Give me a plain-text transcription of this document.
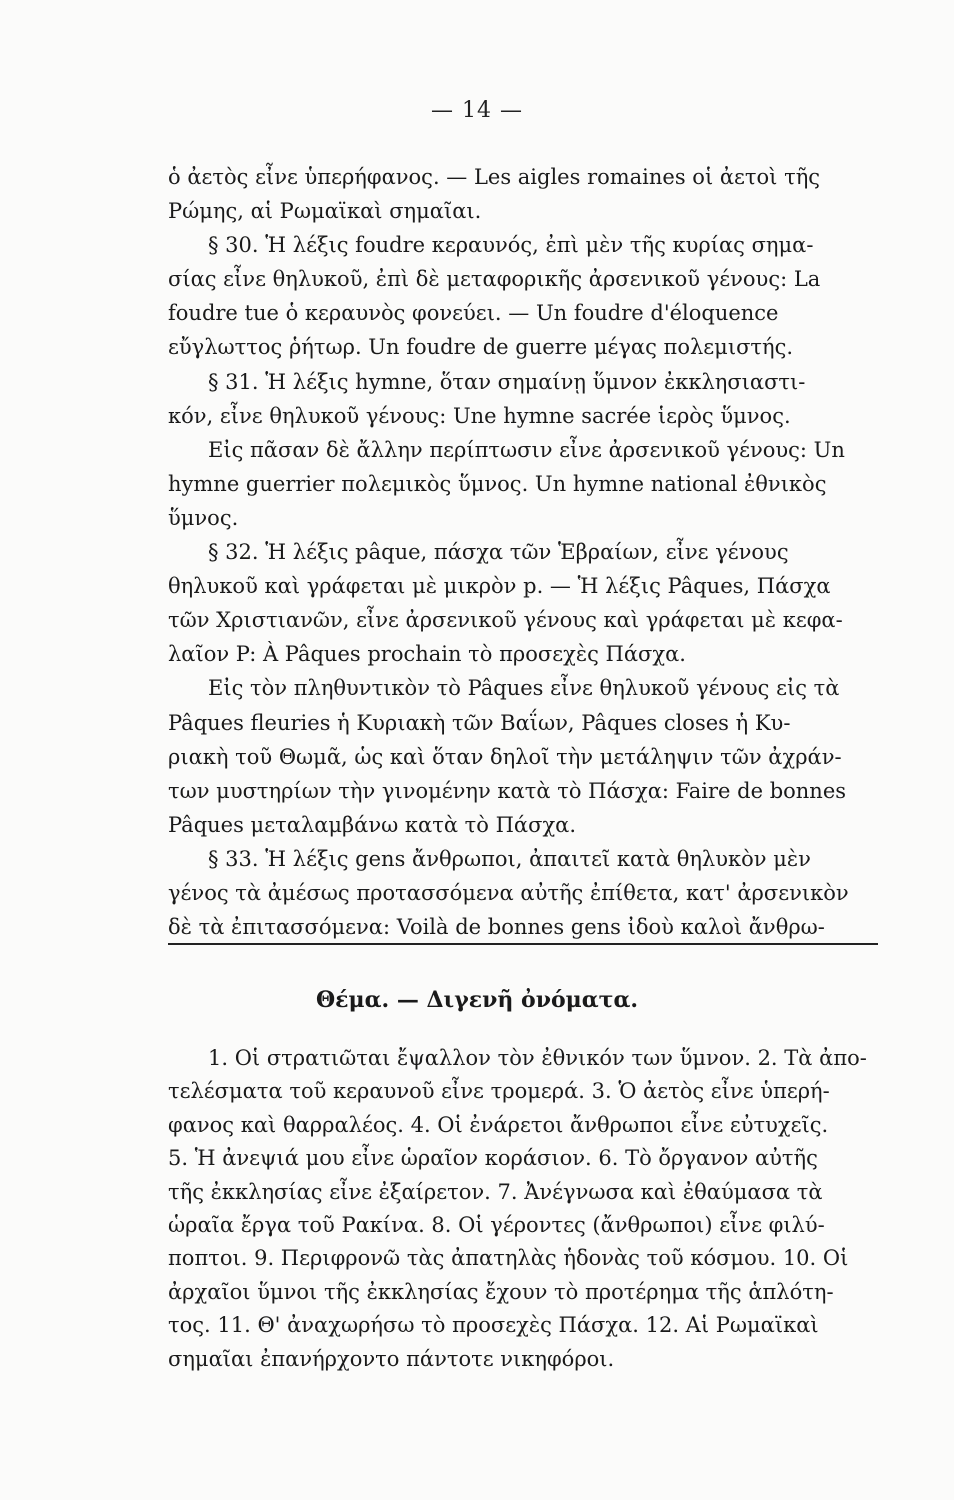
— 14 —
ὁ ἀετὸς εἶνε ὑπερήφανος. — Les aigles romaines οἱ ἀετοὶ τῆς
Ρώμης, αἱ Ρωμαϊκαὶ σημαῖαι.
§ 30. Ἡ λέξις foudre κεραυνός, ἐπὶ μὲν τῆς κυρίας σημα-
σίας εἶνε θηλυκοῦ, ἐπὶ δὲ μεταφορικῆς ἀρσενικοῦ γένους: La
foudre tue ὁ κεραυνὸς φονεύει. — Un foudre d'éloquence
εὔγλωττος ῥήτωρ. Un foudre de guerre μέγας πολεμιστής.
§ 31. Ἡ λέξις hymne, ὅταν σημαίνῃ ὕμνον ἐκκλησιαστι-
κόν, εἶνε θηλυκοῦ γένους: Une hymne sacrée ἱερὸς ὕμνος.
Εἰς πᾶσαν δὲ ἄλλην περίπτωσιν εἶνε ἀρσενικοῦ γένους: Un
hymne guerrier πολεμικὸς ὕμνος. Un hymne national ἐθνικὸς
ὕμνος.
§ 32. Ἡ λέξις pâque, πάσχα τῶν Ἑβραίων, εἶνε γένους
θηλυκοῦ καὶ γράφεται μὲ μικρὸν p. — Ἡ λέξις Pâques, Πάσχα
τῶν Χριστιανῶν, εἶνε ἀρσενικοῦ γένους καὶ γράφεται μὲ κεφα-
λαῖον P: À Pâques prochain τὸ προσεχὲς Πάσχα.
Εἰς τὸν πληθυντικὸν τὸ Pâques εἶνε θηλυκοῦ γένους εἰς τὰ
Pâques fleuries ἡ Κυριακὴ τῶν Βαΐων, Pâques closes ἡ Κυ-
ριακὴ τοῦ Θωμᾶ, ὡς καὶ ὅταν δηλοῖ τὴν μετάληψιν τῶν ἀχράν-
των μυστηρίων τὴν γινομένην κατὰ τὸ Πάσχα: Faire de bonnes
Pâques μεταλαμβάνω κατὰ τὸ Πάσχα.
§ 33. Ἡ λέξις gens ἄνθρωποι, ἀπαιτεῖ κατὰ θηλυκὸν μὲν
γένος τὰ ἀμέσως προτασσόμενα αὐτῆς ἐπίθετα, κατ' ἀρσενικὸν
δὲ τὰ ἐπιτασσόμενα: Voilà de bonnes gens ἰδοὺ καλοὶ ἄνθρω-
Θέμα. — Διγενῆ ὀνόματα.
1. Οἱ στρατιῶται ἔψαλλον τὸν ἐθνικόν των ὕμνον. 2. Τὰ ἀπο-
τελέσματα τοῦ κεραυνοῦ εἶνε τρομερά. 3. Ὁ ἀετὸς εἶνε ὑπερή-
φανος καὶ θαρραλέος. 4. Οἱ ἐνάρετοι ἄνθρωποι εἶνε εὐτυχεῖς.
5. Ἡ ἀνεψιά μου εἶνε ὡραῖον κοράσιον. 6. Τὸ ὄργανον αὐτῆς
τῆς ἐκκλησίας εἶνε ἐξαίρετον. 7. Ἀνέγνωσα καὶ ἐθαύμασα τὰ
ὡραῖα ἔργα τοῦ Ρακίνα. 8. Οἱ γέροντες (ἄνθρωποι) εἶνε φιλύ-
ποπτοι. 9. Περιφρονῶ τὰς ἀπατηλὰς ἡδονὰς τοῦ κόσμου. 10. Οἱ
ἀρχαῖοι ὕμνοι τῆς ἐκκλησίας ἔχουν τὸ προτέρημα τῆς ἁπλότη-
τος. 11. Θ' ἀναχωρήσω τὸ προσεχὲς Πάσχα. 12. Αἱ Ρωμαϊκαὶ
σημαῖαι ἐπανήρχοντο πάντοτε νικηφόροι.
